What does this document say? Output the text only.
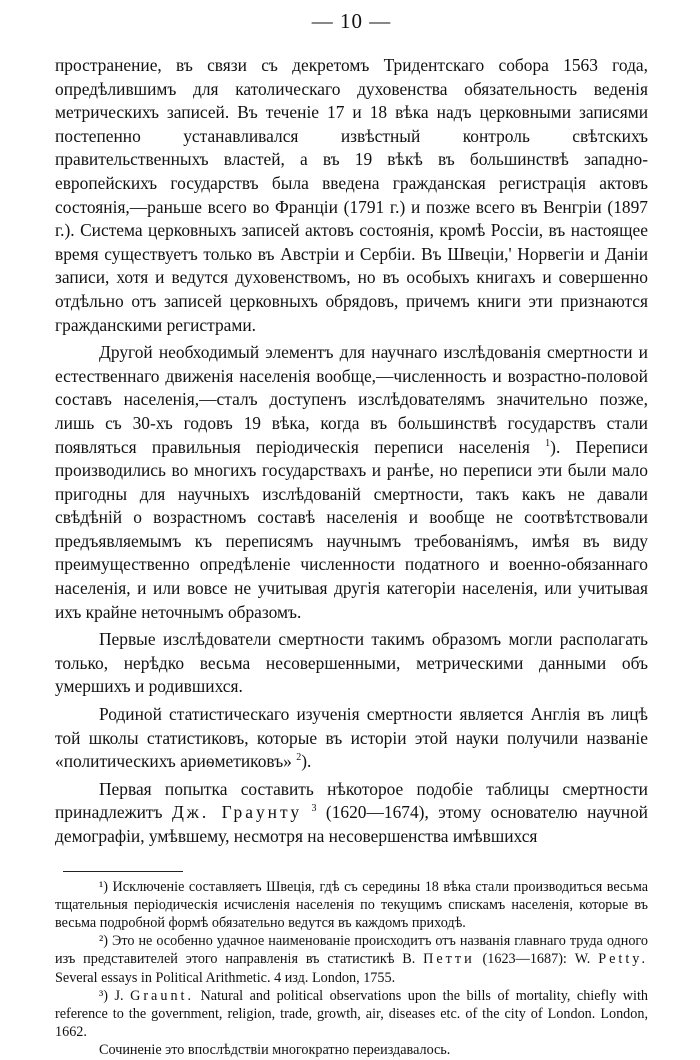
— 10 —

пространение, въ связи съ декретомъ Тридентскаго собора 1563 года, опредѣлившимъ для католическаго духовенства обязательность веденія метрическихъ записей. Въ теченіе 17 и 18 вѣка надъ церковными записями постепенно устанавливался извѣстный контроль свѣтскихъ правительственныхъ властей, а въ 19 вѣкѣ въ большинствѣ западно-европейскихъ государствъ была введена гражданская регистрація актовъ состоянія,—раньше всего во Франціи (1791 г.) и позже всего въ Венгріи (1897 г.). Система церковныхъ записей актовъ состоянія, кромѣ Россіи, въ настоящее время существуетъ только въ Австріи и Сербіи. Въ Швеціи,' Норвегіи и Даніи записи, хотя и ведутся духовенствомъ, но въ особыхъ книгахъ и совершенно отдѣльно отъ записей церковныхъ обрядовъ, причемъ книги эти признаются гражданскими регистрами.

Другой необходимый элементъ для научнаго изслѣдованія смертности и естественнаго движенія населенія вообще,—численность и возрастно-половой составъ населенія,—сталъ доступенъ изслѣдователямъ значительно позже, лишь съ 30-хъ годовъ 19 вѣка, когда въ большинствѣ государствъ стали появляться правильныя періодическія переписи населенія $^1$). Переписи производились во многихъ государствахъ и ранѣе, но переписи эти были мало пригодны для научныхъ изслѣдованій смертности, такъ какъ не давали свѣдѣній о возрастномъ составѣ населенія и вообще не соотвѣтствовали предъявляемымъ къ переписямъ научнымъ требованіямъ, имѣя въ виду преимущественно опредѣленіе численности податного и военно-обязаннаго населенія, и или вовсе не учитывая другія категоріи населенія, или учитывая ихъ крайне неточнымъ образомъ.

Первые изслѣдователи смертности такимъ образомъ могли располагать только, нерѣдко весьма несовершенными, метрическими данными объ умершихъ и родившихся.

Родиной статистическаго изученія смертности является Англія въ лицѣ той школы статистиковъ, которые въ исторіи этой науки получили названіе «политическихъ ариѳметиковъ» $^2$).

Первая попытка составить нѣкоторое подобіе таблицы смертности принадлежитъ Дж. Грaунту $^3$ (1620—1674), этому основателю научной демографіи, умѣвшему, несмотря на несовершенства имѣвшихся

¹) Исключеніе составляетъ Швеція, гдѣ съ середины 18 вѣка стали производиться весьма тщательныя періодическія исчисленія населенія по текущимъ спискамъ населенія, которые въ весьма подробной формѣ обязательно ведутся въ каждомъ приходѣ.

²) Это не особенно удачное наименованіе происходитъ отъ названія главнаго труда одного изъ представителей этого направленія въ статистикѣ В. Петти (1623—1687): W. Petty. Several essays in Political Arithmetic. 4 изд. London, 1755.

³) J. Graunt. Natural and political observations upon the bills of mortality, chiefly with reference to the government, religion, trade, growth, air, diseases etc. of the city of London. London, 1662.

Сочиненіе это впослѣдствіи многократно переиздавалось.
